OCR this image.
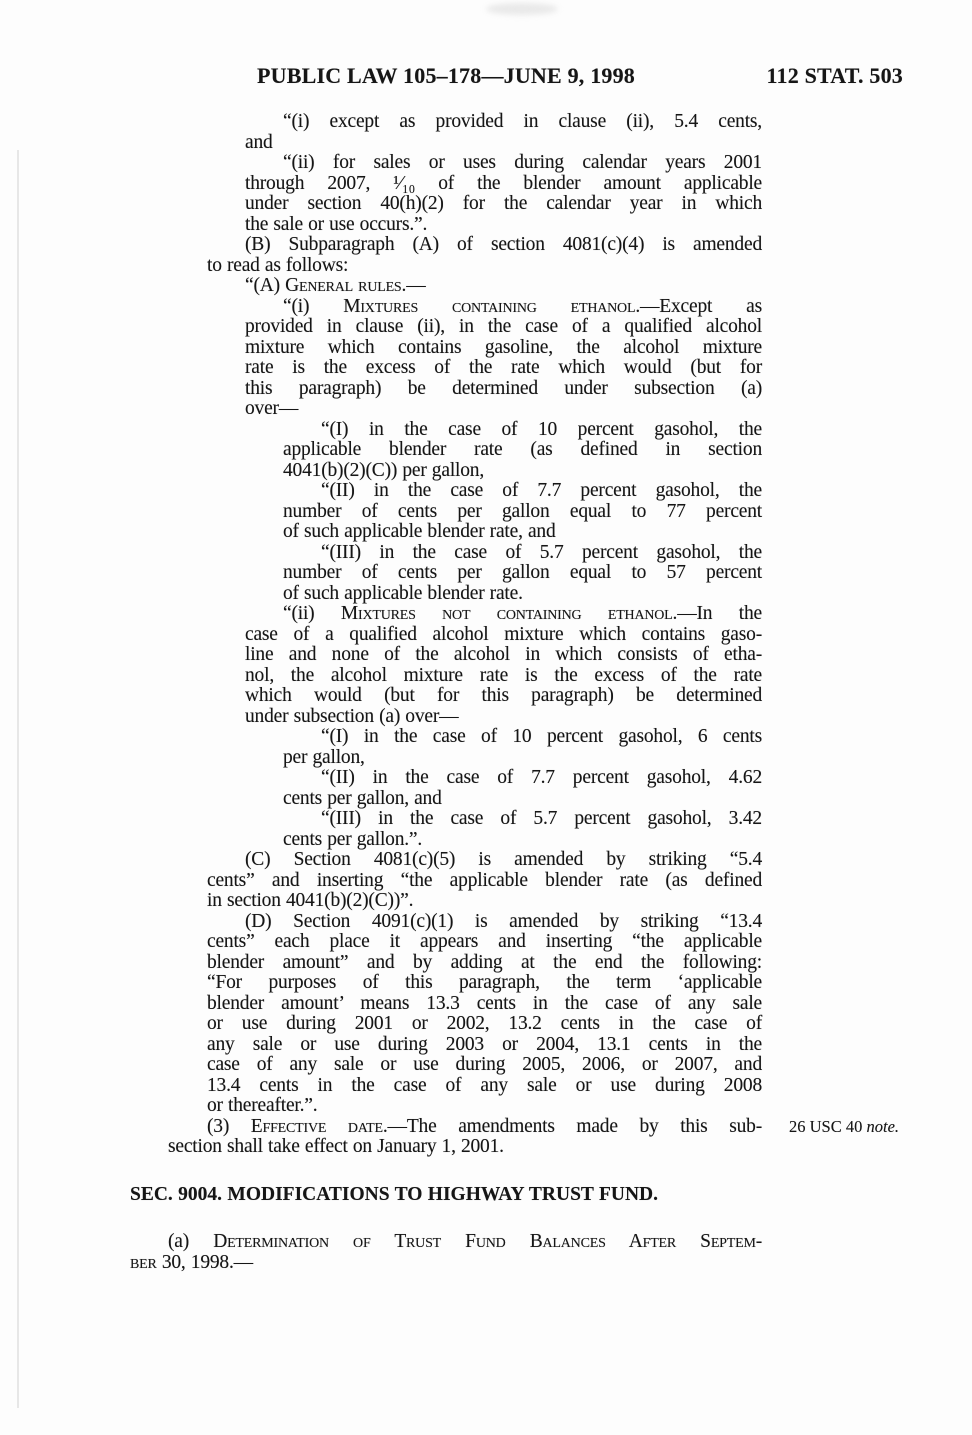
PUBLIC LAW 105–178—JUNE 9, 1998	112 STAT. 503
“(i) except as provided in clause (ii), 5.4 cents,
and
“(ii) for sales or uses during calendar years 2001
through 2007, ¹⁄₁₀ of the blender amount applicable
under section 40(h)(2) for the calendar year in which
the sale or use occurs.”.
(B) Subparagraph (A) of section 4081(c)(4) is amended
to read as follows:
“(A) General rules.—
“(i) Mixtures containing ethanol.—Except as
provided in clause (ii), in the case of a qualified alcohol
mixture which contains gasoline, the alcohol mixture
rate is the excess of the rate which would (but for
this paragraph) be determined under subsection (a)
over—
“(I) in the case of 10 percent gasohol, the
applicable blender rate (as defined in section
4041(b)(2)(C)) per gallon,
“(II) in the case of 7.7 percent gasohol, the
number of cents per gallon equal to 77 percent
of such applicable blender rate, and
“(III) in the case of 5.7 percent gasohol, the
number of cents per gallon equal to 57 percent
of such applicable blender rate.
“(ii) Mixtures not containing ethanol.—In the
case of a qualified alcohol mixture which contains gaso-
line and none of the alcohol in which consists of etha-
nol, the alcohol mixture rate is the excess of the rate
which would (but for this paragraph) be determined
under subsection (a) over—
“(I) in the case of 10 percent gasohol, 6 cents
per gallon,
“(II) in the case of 7.7 percent gasohol, 4.62
cents per gallon, and
“(III) in the case of 5.7 percent gasohol, 3.42
cents per gallon.”.
(C) Section 4081(c)(5) is amended by striking “5.4
cents” and inserting “the applicable blender rate (as defined
in section 4041(b)(2)(C))”.
(D) Section 4091(c)(1) is amended by striking “13.4
cents” each place it appears and inserting “the applicable
blender amount” and by adding at the end the following:
“For purposes of this paragraph, the term ‘applicable
blender amount’ means 13.3 cents in the case of any sale
or use during 2001 or 2002, 13.2 cents in the case of
any sale or use during 2003 or 2004, 13.1 cents in the
case of any sale or use during 2005, 2006, or 2007, and
13.4 cents in the case of any sale or use during 2008
or thereafter.”.
(3) Effective date.—The amendments made by this sub-
section shall take effect on January 1, 2001.
SEC. 9004. MODIFICATIONS TO HIGHWAY TRUST FUND.
(a) Determination of Trust Fund Balances After Septem-
ber 30, 1998.—
26 USC 40 note.
